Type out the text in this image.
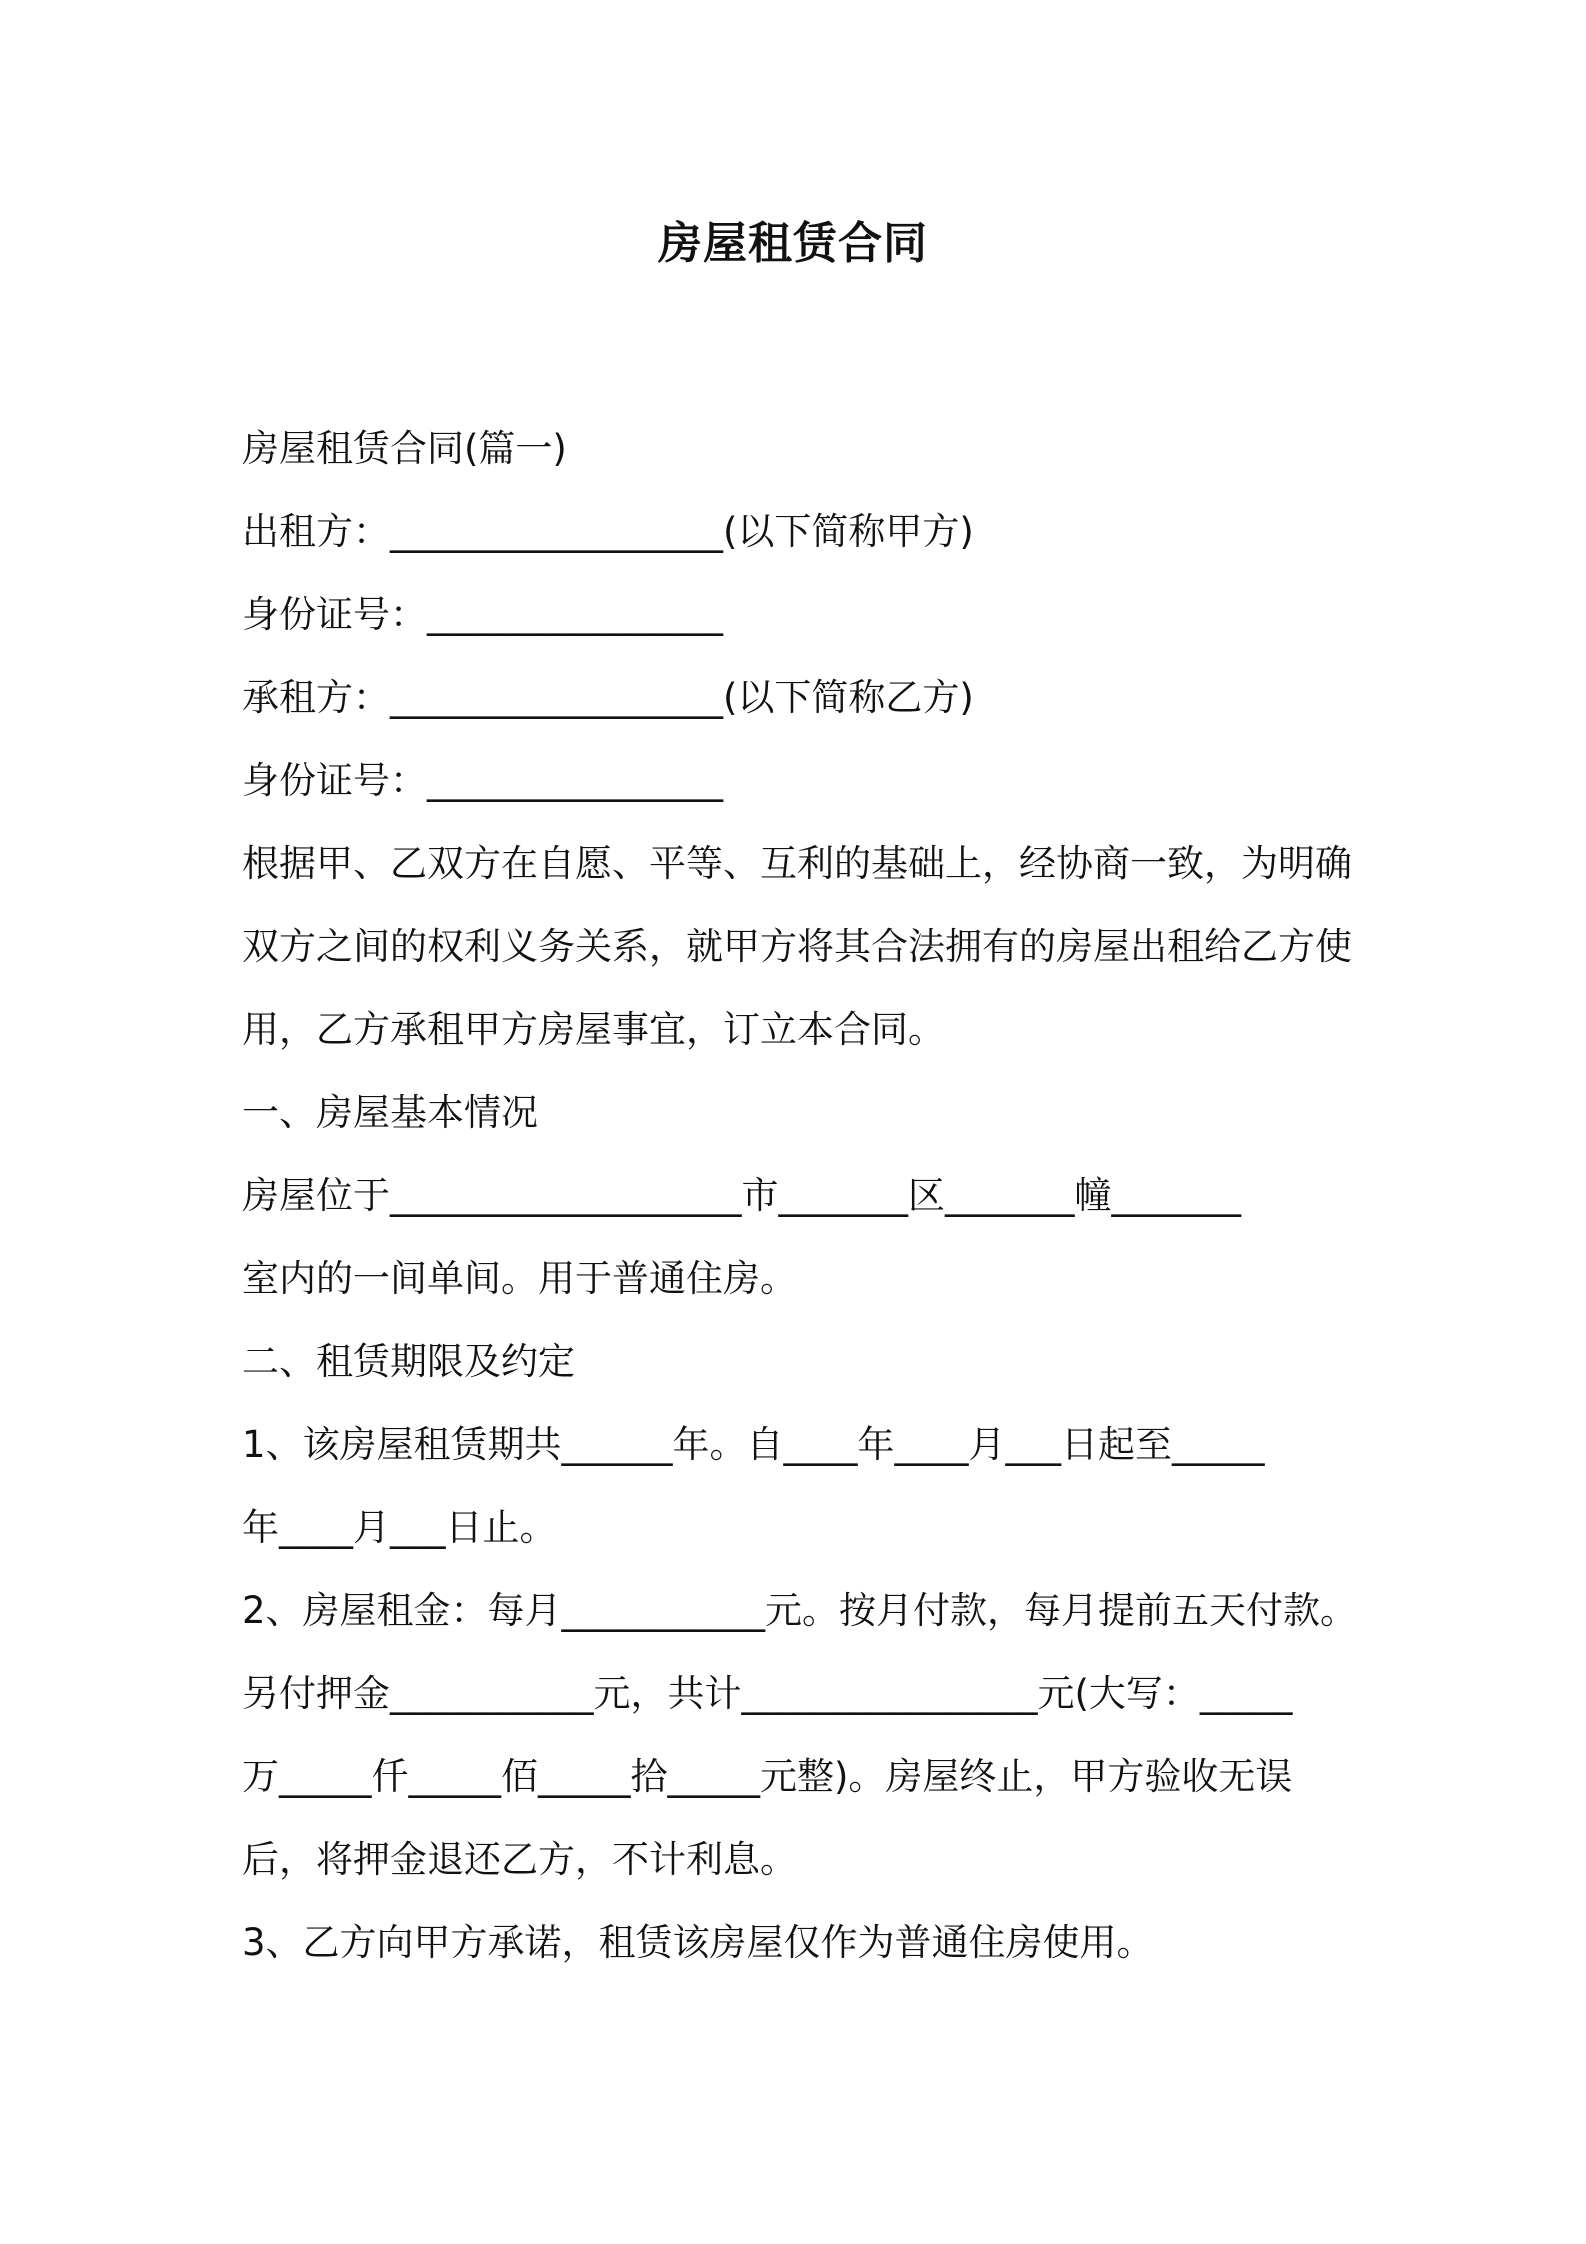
房屋租赁合同
房屋租赁合同(篇一)
出租方：__________________(以下简称甲方)
身份证号：________________
承租方：__________________(以下简称乙方)
身份证号：________________
根据甲、乙双方在自愿、平等、互利的基础上，经协商一致，为明确
双方之间的权利义务关系，就甲方将其合法拥有的房屋出租给乙方使
用，乙方承租甲方房屋事宜，订立本合同。
一、房屋基本情况
房屋位于___________________市_______区_______幢_______
室内的一间单间。用于普通住房。
二、租赁期限及约定
1、该房屋租赁期共______年。自____年____月___日起至_____
年____月___日止。
2、房屋租金：每月___________元。按月付款，每月提前五天付款。
另付押金___________元，共计________________元(大写：_____
万_____仟_____佰_____拾_____元整)。房屋终止，甲方验收无误
后，将押金退还乙方，不计利息。
3、乙方向甲方承诺，租赁该房屋仅作为普通住房使用。
